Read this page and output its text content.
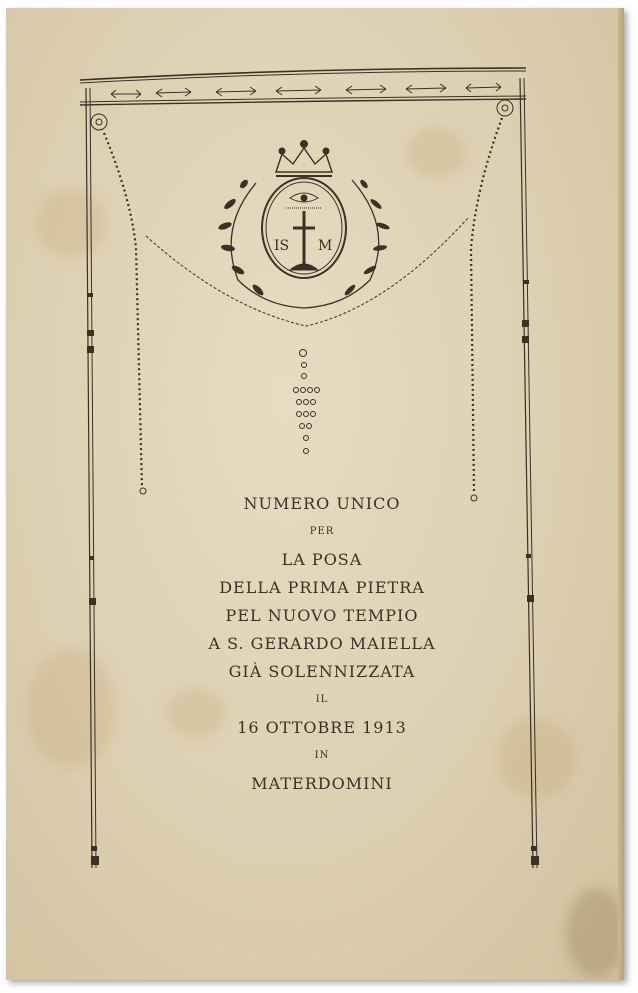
IS M
NUMERO UNICO
PER
LA POSA
DELLA PRIMA PIETRA
PEL NUOVO TEMPIO
A S. GERARDO MAIELLA
GIÀ SOLENNIZZATA
IL
16 OTTOBRE 1913
IN
MATERDOMINI
